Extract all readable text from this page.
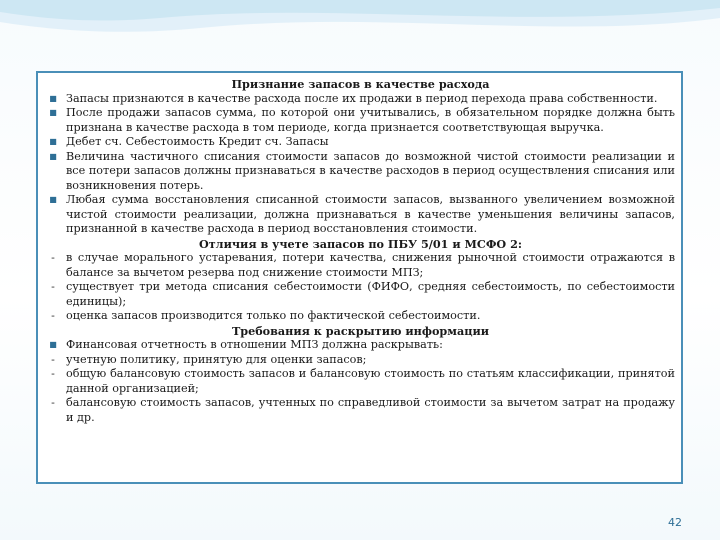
Признание запасов в качестве расхода

■ Запасы признаются в качестве расхода после их продажи в период перехода права собственности.
■ После продажи запасов сумма, по которой они учитывались, в обязательном порядке должна быть признана в качестве расхода в том периоде, когда признается соответствующая выручка.
■ Дебет сч. Себестоимость Кредит сч. Запасы
■ Величина частичного списания стоимости запасов до возможной чистой стоимости реализации и все потери запасов должны признаваться в качестве расходов в период осуществления списания или возникновения потерь.
■ Любая сумма восстановления списанной стоимости запасов, вызванного увеличением возможной чистой стоимости реализации, должна признаваться в качестве уменьшения величины запасов, признанной в качестве расхода в период восстановления стоимости.

Отличия в учете запасов по ПБУ 5/01 и МСФО 2:

- в случае морального устаревания, потери качества, снижения рыночной стоимости отражаются в балансе за вычетом резерва под снижение стоимости МПЗ;
- существует три метода списания себестоимости (ФИФО, средняя себестоимость, по себестоимости единицы);
- оценка запасов производится только по фактической себестоимости.

Требования к раскрытию информации

■ Финансовая отчетность в отношении МПЗ должна раскрывать:
- учетную политику, принятую для оценки запасов;
- общую балансовую стоимость запасов и балансовую стоимость по статьям классификации, принятой данной организацией;
- балансовую стоимость запасов, учтенных по справедливой стоимости за вычетом затрат на продажу и др.
42
